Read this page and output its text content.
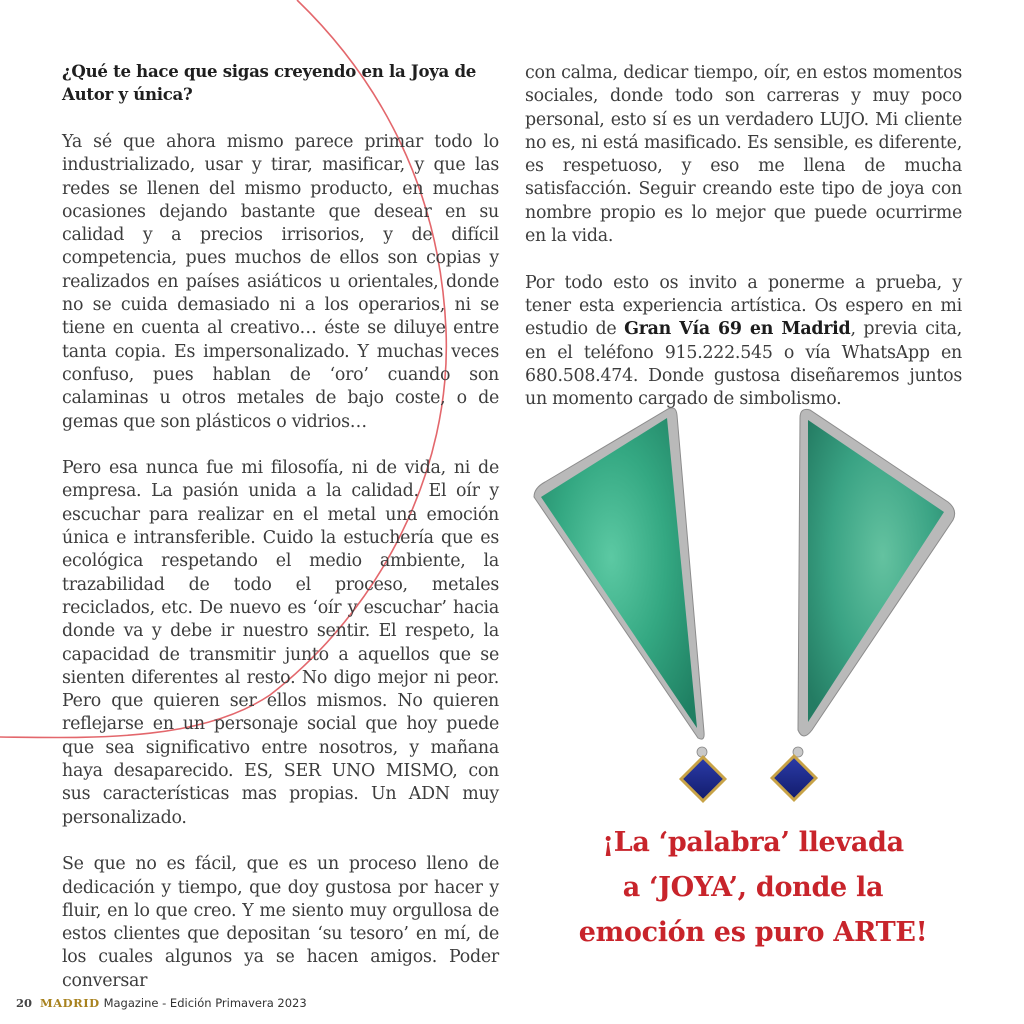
¿Qué te hace que sigas creyendo en la Joya de Autor y única?

Ya sé que ahora mismo parece primar todo lo industrializado, usar y tirar, masificar, y que las redes se llenen del mismo producto, en muchas ocasiones dejando bastante que desear en su calidad y a precios irrisorios, y de difícil competencia, pues muchos de ellos son copias y realizados en países asiáticos u orientales, donde no se cuida demasiado ni a los operarios, ni se tiene en cuenta al creativo… éste se diluye entre tanta copia. Es impersonalizado. Y muchas veces confuso, pues hablan de ‘oro’ cuando son calaminas u otros metales de bajo coste, o de gemas que son plásticos o vidrios…

Pero esa nunca fue mi filosofía, ni de vida, ni de empresa. La pasión unida a la calidad. El oír y escuchar para realizar en el metal una emoción única e intransferible. Cuido la estuchería que es ecológica respetando el medio ambiente, la trazabilidad de todo el proceso, metales reciclados, etc. De nuevo es ‘oír y escuchar’ hacia donde va y debe ir nuestro sentir. El respeto, la capacidad de transmitir junto a aquellos que se sienten diferentes al resto. No digo mejor ni peor. Pero que quieren ser ellos mismos. No quieren reflejarse en un personaje social que hoy puede que sea significativo entre nosotros, y mañana haya desaparecido. ES, SER UNO MISMO, con sus características mas propias. Un ADN muy personalizado.

Se que no es fácil, que es un proceso lleno de dedicación y tiempo, que doy gustosa por hacer y fluir, en lo que creo. Y me siento muy orgullosa de estos clientes que depositan ‘su tesoro’ en mí, de los cuales algunos ya se hacen amigos. Poder conversar

con calma, dedicar tiempo, oír, en estos momentos sociales, donde todo son carreras y muy poco personal, esto sí es un verdadero LUJO. Mi cliente no es, ni está masificado. Es sensible, es diferente, es respetuoso, y eso me llena de mucha satisfacción. Seguir creando este tipo de joya con nombre propio es lo mejor que puede ocurrirme en la vida.

Por todo esto os invito a ponerme a prueba, y tener esta experiencia artística. Os espero en mi estudio de Gran Vía 69 en Madrid, previa cita, en el teléfono 915.222.545 o vía WhatsApp en 680.508.474. Donde gustosa diseñaremos juntos un momento cargado de simbolismo.

¡La ‘palabra’ llevada
a ‘JOYA’, donde la
emoción es puro ARTE!
20 MADRID Magazine - Edición Primavera 2023
